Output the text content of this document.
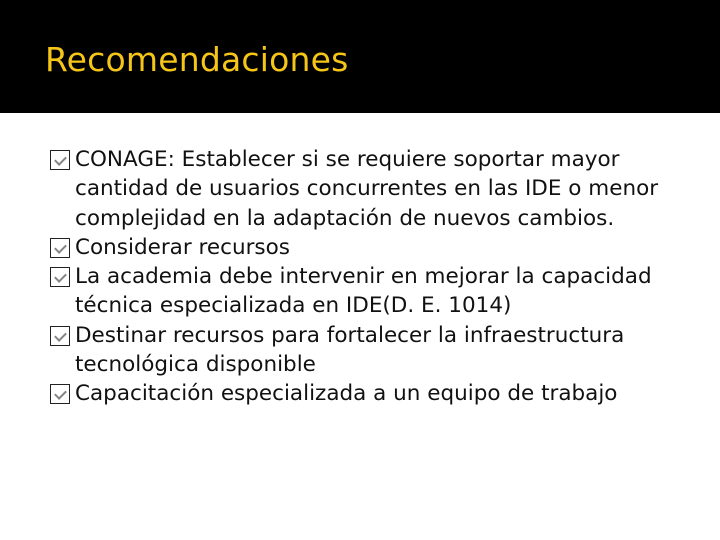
Recomendaciones
CONAGE: Establecer si se requiere soportar mayor cantidad de usuarios concurrentes en las IDE o menor complejidad en la adaptación de nuevos cambios.
Considerar recursos
La academia debe intervenir en mejorar la capacidad técnica especializada en IDE(D. E. 1014)
Destinar recursos para fortalecer la infraestructura tecnológica disponible
Capacitación especializada a un equipo de trabajo
